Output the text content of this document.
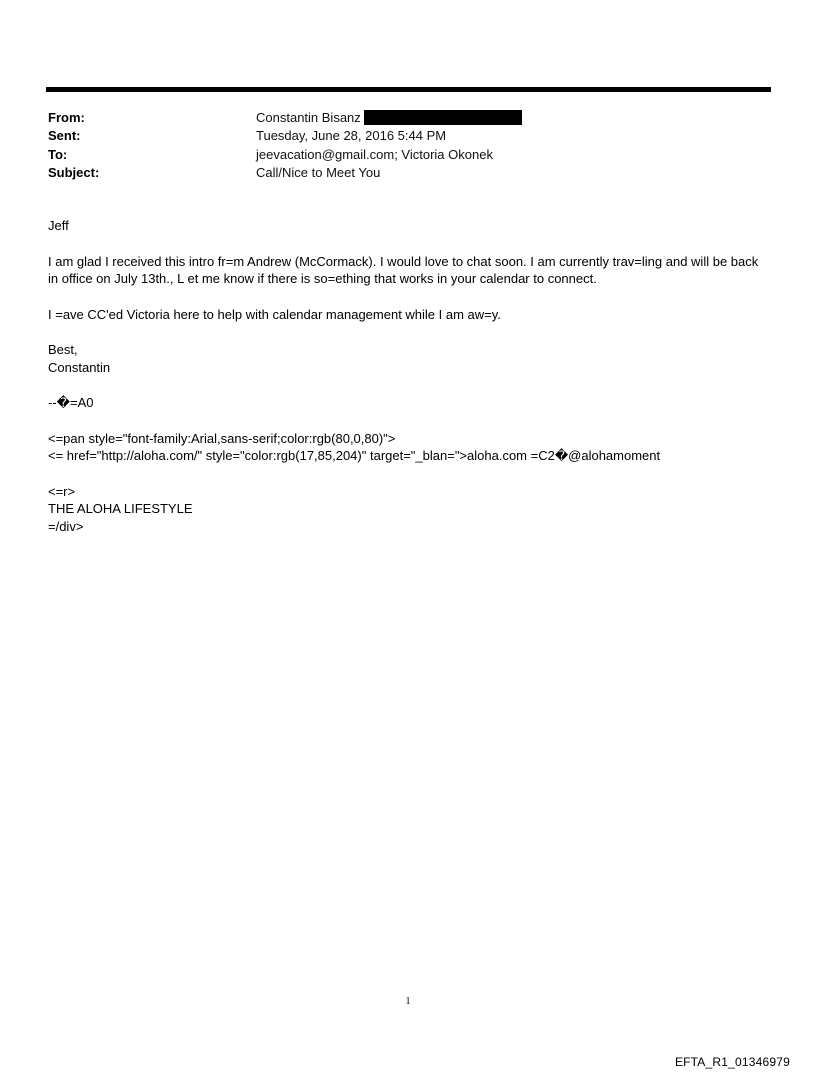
From:	Constantin Bisanz
Sent:	Tuesday, June 28, 2016 5:44 PM
To:	jeevacation@gmail.com; Victoria Okonek
Subject:	Call/Nice to Meet You

Jeff

I am glad I received this intro fr=m Andrew (McCormack). I would love to chat soon. I am currently trav=ling and will be back in office on July 13th., L et me know if there is so=ething that works in your calendar to connect.

I =ave CC'ed Victoria here to help with calendar management while I am aw=y.

Best,

Constantin

--�=A0

<=pan style="font-family:Arial,sans-serif;color:rgb(80,0,80)">

<= href="http://aloha.com/" style="color:rgb(17,85,204)" target="_blan=">aloha.com =C2�@alohamoment

<=r>

THE ALOHA LIFESTYLE

=/div>

1
EFTA_R1_01346979
